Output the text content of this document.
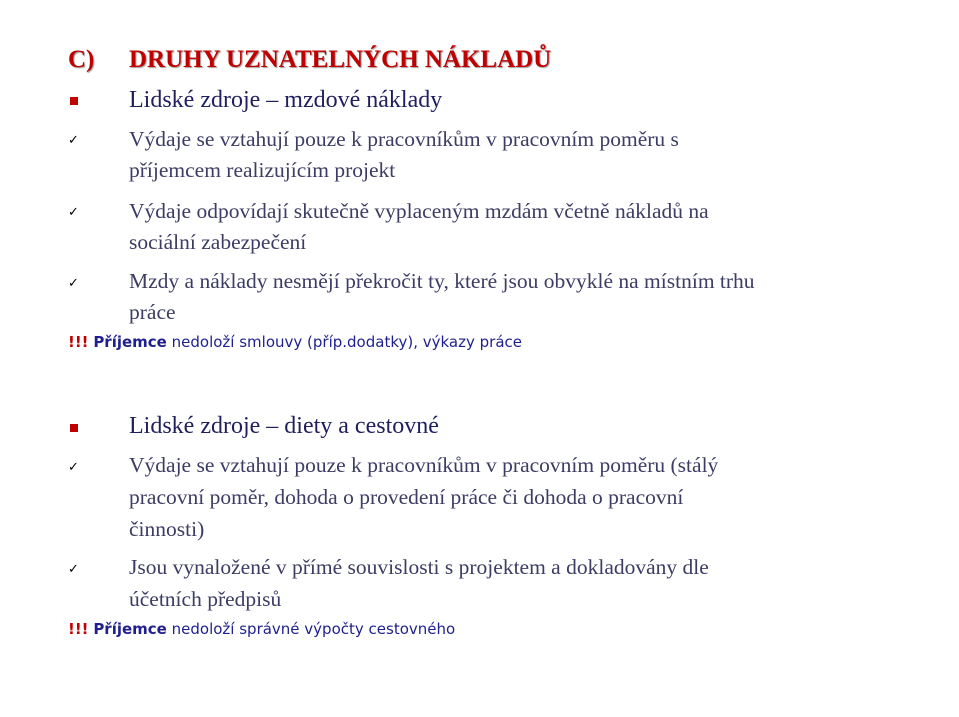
C) DRUHY UZNATELNÝCH NÁKLADŮ
Lidské zdroje – mzdové náklady
✓ Výdaje se vztahují pouze k pracovníkům v pracovním poměru s
příjemcem realizujícím projekt
✓ Výdaje odpovídají skutečně vyplaceným mzdám včetně nákladů na
sociální zabezpečení
✓ Mzdy a náklady nesmějí překročit ty, které jsou obvyklé na místním trhu
práce
!!! Příjemce nedoloží smlouvy (příp.dodatky), výkazy práce
Lidské zdroje – diety a cestovné
✓ Výdaje se vztahují pouze k pracovníkům v pracovním poměru (stálý
pracovní poměr, dohoda o provedení práce či dohoda o pracovní
činnosti)
✓ Jsou vynaložené v přímé souvislosti s projektem a dokladovány dle
účetních předpisů
!!! Příjemce nedoloží správné výpočty cestovného
